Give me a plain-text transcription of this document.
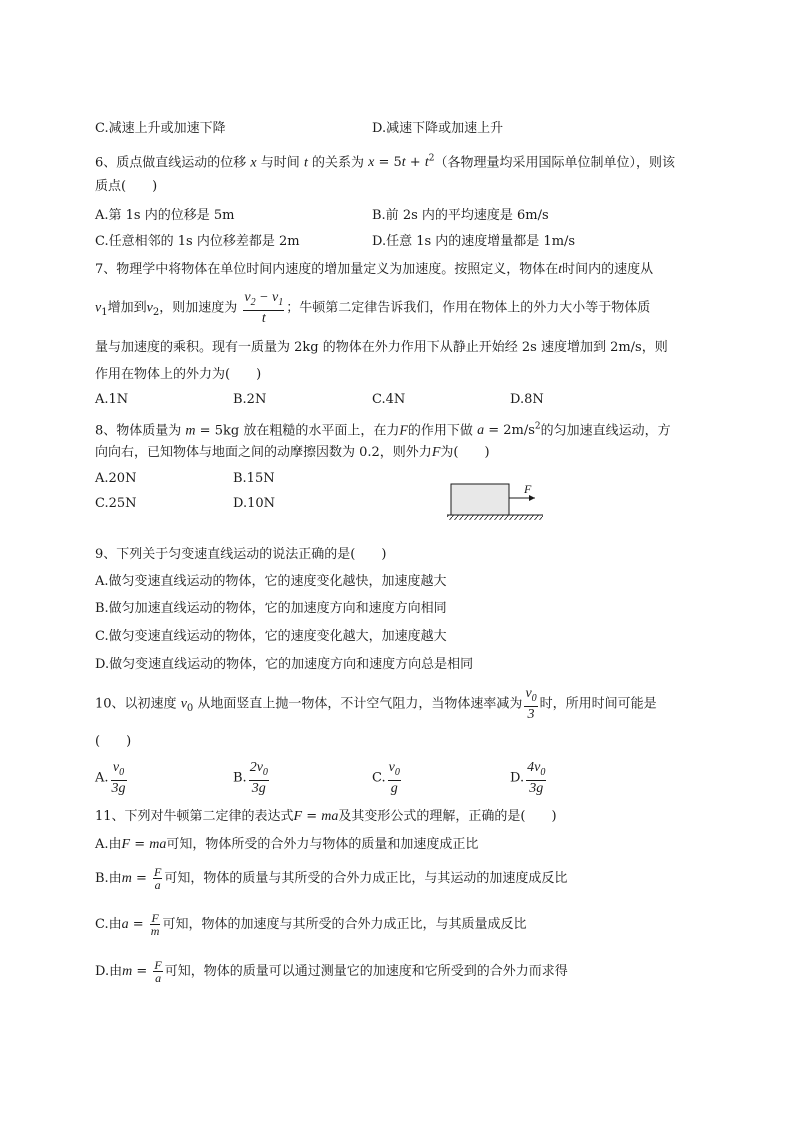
C.减速上升或加速下降	D.减速下降或加速上升
6、质点做直线运动的位移 x 与时间 t 的关系为 $x = 5t + t^2$（各物理量均采用国际单位制单位），则该
质点(　　)
A.第 1s 内的位移是 5m	B.前 2s 内的平均速度是 6m/s
C.任意相邻的 1s 内位移差都是 2m	D.任意 1s 内的速度增量都是 1m/s
7、物理学中将物体在单位时间内速度的增加量定义为加速度。按照定义，物体在t时间内的速度从
$v_1$增加到$v_2$，则加速度为 $\frac{v_2 - v_1}{t}$ ；牛顿第二定律告诉我们，作用在物体上的外力大小等于物体质
量与加速度的乘积。现有一质量为 2kg 的物体在外力作用下从静止开始经 2s 速度增加到 2m/s，则
作用在物体上的外力为(　　)
A.1N	B.2N	C.4N	D.8N
8、物体质量为 m = 5kg 放在粗糙的水平面上，在力F的作用下做 $a = 2m/s^2$的匀加速直线运动，方
向向右，已知物体与地面之间的动摩擦因数为 0.2，则外力F为(　　)
A.20N	B.15N
C.25N	D.10N
F
9、下列关于匀变速直线运动的说法正确的是(　　)
A.做匀变速直线运动的物体，它的速度变化越快，加速度越大
B.做匀加速直线运动的物体，它的加速度方向和速度方向相同
C.做匀变速直线运动的物体，它的速度变化越大，加速度越大
D.做匀变速直线运动的物体，它的加速度方向和速度方向总是相同
10、以初速度 $v_0$ 从地面竖直上抛一物体，不计空气阻力，当物体速率减为 $\frac{v_0}{3}$ 时，所用时间可能是
(　　)
A. $\frac{v_0}{3g}$	B. $\frac{2v_0}{3g}$	C. $\frac{v_0}{g}$	D. $\frac{4v_0}{3g}$
11、下列对牛顿第二定律的表达式F = ma及其变形公式的理解，正确的是(　　)
A.由F = ma可知，物体所受的合外力与物体的质量和加速度成正比
B.由$m = \frac{F}{a}$ 可知，物体的质量与其所受的合外力成正比，与其运动的加速度成反比
C.由$a = \frac{F}{m}$ 可知，物体的加速度与其所受的合外力成正比，与其质量成反比
D.由$m = \frac{F}{a}$ 可知，物体的质量可以通过测量它的加速度和它所受到的合外力而求得
